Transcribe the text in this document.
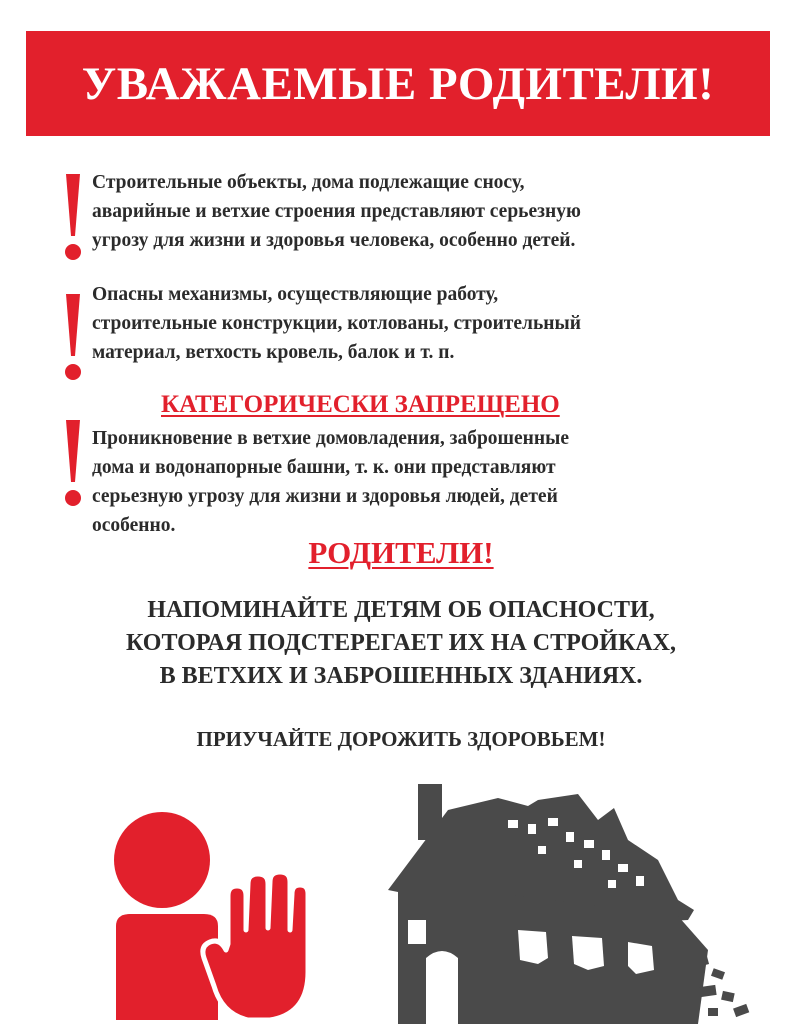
УВАЖАЕМЫЕ РОДИТЕЛИ!
Строительные объекты, дома подлежащие сносу,
аварийные и ветхие строения представляют серьезную
угрозу для жизни и здоровья человека, особенно детей.
Опасны механизмы, осуществляющие работу,
строительные конструкции, котлованы, строительный
материал, ветхость кровель, балок и т. п.
КАТЕГОРИЧЕСКИ ЗАПРЕЩЕНО
Проникновение в ветхие домовладения, заброшенные
дома и водонапорные башни, т. к. они представляют
серьезную угрозу для жизни и здоровья людей, детей
особенно.
РОДИТЕЛИ!
НАПОМИНАЙТЕ ДЕТЯМ ОБ ОПАСНОСТИ,
КОТОРАЯ ПОДСТЕРЕГАЕТ ИХ НА СТРОЙКАХ,
В ВЕТХИХ И ЗАБРОШЕННЫХ ЗДАНИЯХ.
ПРИУЧАЙТЕ ДОРОЖИТЬ ЗДОРОВЬЕМ!
